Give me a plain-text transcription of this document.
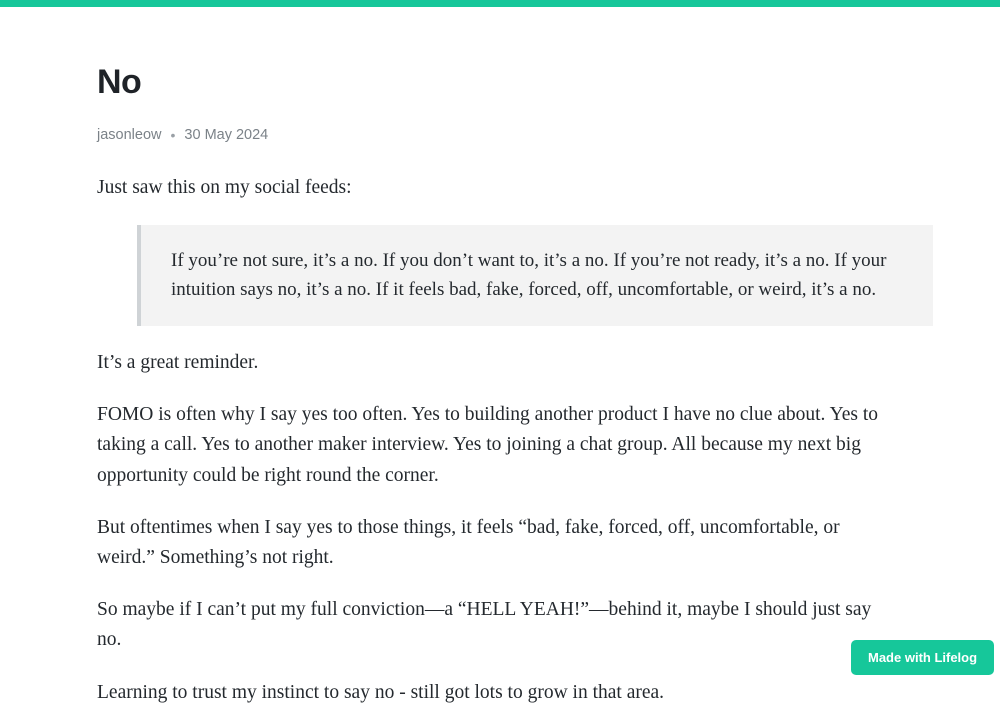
No
jasonleow • 30 May 2024

Just saw this on my social feeds:

If you’re not sure, it’s a no. If you don’t want to, it’s a no. If you’re not ready, it’s a no. If your intuition says no, it’s a no. If it feels bad, fake, forced, off, uncomfortable, or weird, it’s a no.

It’s a great reminder.

FOMO is often why I say yes too often. Yes to building another product I have no clue about. Yes to taking a call. Yes to another maker interview. Yes to joining a chat group. All because my next big opportunity could be right round the corner.

But oftentimes when I say yes to those things, it feels “bad, fake, forced, off, uncomfortable, or weird.” Something’s not right.

So maybe if I can’t put my full conviction—a “HELL YEAH!”—behind it, maybe I should just say no.

Learning to trust my instinct to say no - still got lots to grow in that area.

Made with Lifelog
